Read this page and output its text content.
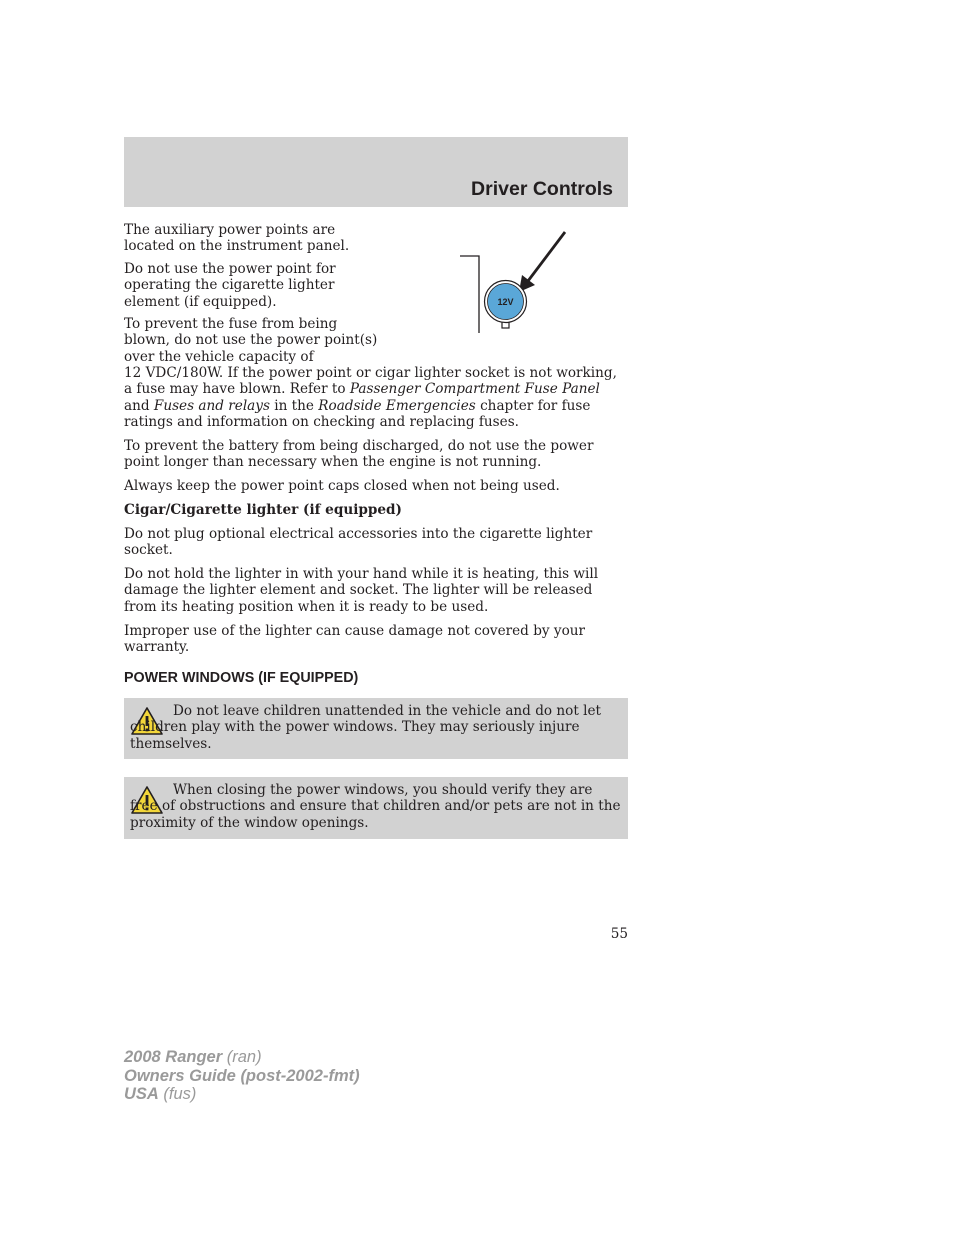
Driver Controls

The auxiliary power points are located on the instrument panel.

Do not use the power point for operating the cigarette lighter element (if equipped).

To prevent the fuse from being blown, do not use the power point(s) over the vehicle capacity of

12 VDC/180W. If the power point or cigar lighter socket is not working, a fuse may have blown. Refer to Passenger Compartment Fuse Panel and Fuses and relays in the Roadside Emergencies chapter for fuse ratings and information on checking and replacing fuses.

To prevent the battery from being discharged, do not use the power point longer than necessary when the engine is not running.

Always keep the power point caps closed when not being used.

12V

Cigar/Cigarette lighter (if equipped)

Do not plug optional electrical accessories into the cigarette lighter socket.

Do not hold the lighter in with your hand while it is heating, this will damage the lighter element and socket. The lighter will be released from its heating position when it is ready to be used.

Improper use of the lighter can cause damage not covered by your warranty.

POWER WINDOWS (IF EQUIPPED)
Do not leave children unattended in the vehicle and do not let children play with the power windows. They may seriously injure themselves.
When closing the power windows, you should verify they are free of obstructions and ensure that children and/or pets are not in the proximity of the window openings.
55
2008 Ranger (ran)
Owners Guide (post-2002-fmt)
USA (fus)
